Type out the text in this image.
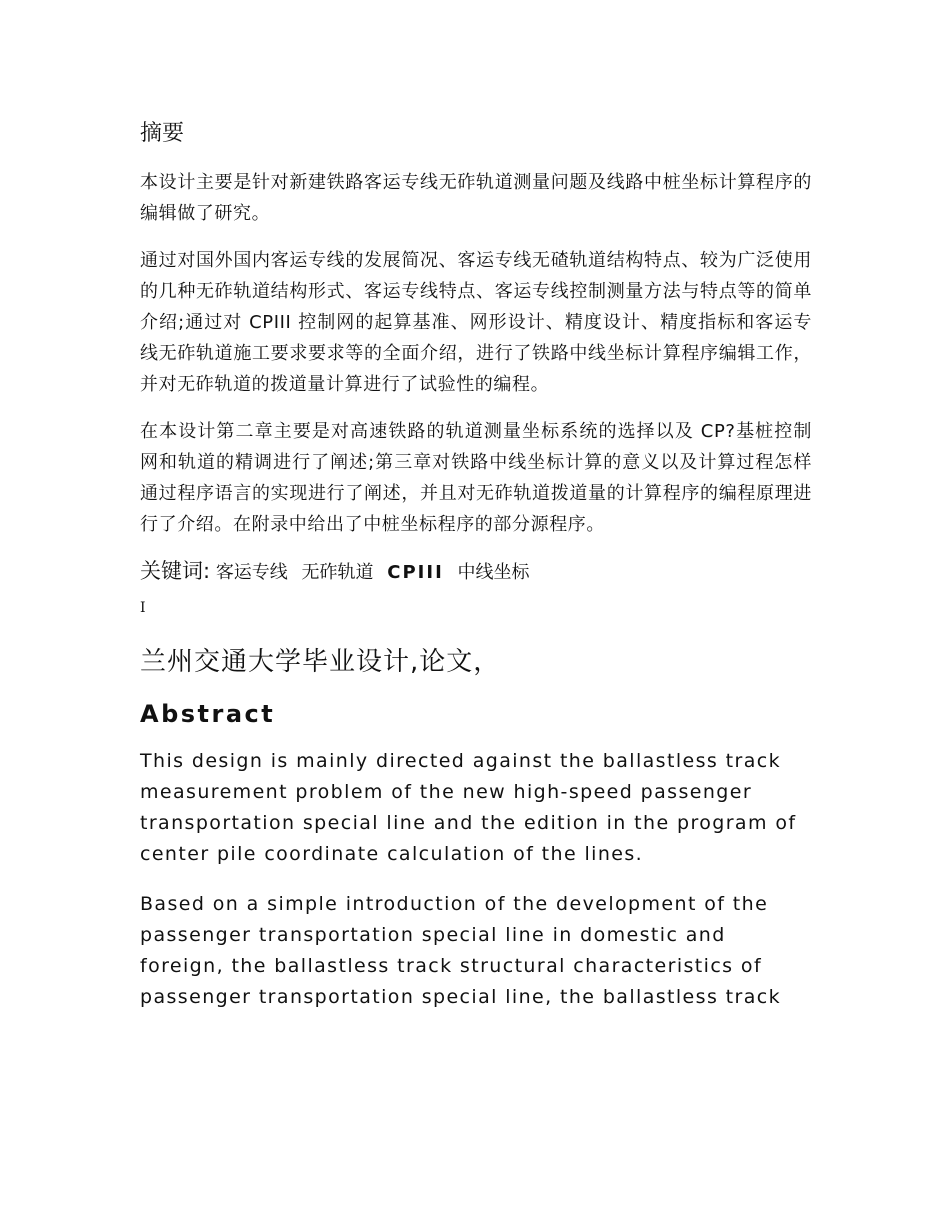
摘要

本设计主要是针对新建铁路客运专线无砟轨道测量问题及线路中桩坐标计算程序的编辑做了研究。

通过对国外国内客运专线的发展简况、客运专线无碴轨道结构特点、较为广泛使用的几种无砟轨道结构形式、客运专线特点、客运专线控制测量方法与特点等的简单介绍;通过对 CPIII 控制网的起算基准、网形设计、精度设计、精度指标和客运专线无砟轨道施工要求要求等的全面介绍，进行了铁路中线坐标计算程序编辑工作，并对无砟轨道的拨道量计算进行了试验性的编程。

在本设计第二章主要是对高速铁路的轨道测量坐标系统的选择以及 CP?基桩控制网和轨道的精调进行了阐述;第三章对铁路中线坐标计算的意义以及计算过程怎样通过程序语言的实现进行了阐述，并且对无砟轨道拨道量的计算程序的编程原理进行了介绍。在附录中给出了中桩坐标程序的部分源程序。

关键词: 客运专线 无砟轨道 CPIII 中线坐标
I
兰州交通大学毕业设计,论文，
Abstract

This design is mainly directed against the ballastless track measurement problem of the new high-speed passenger transportation special line and the edition in the program of center pile coordinate calculation of the lines.

Based on a simple introduction of the development of the passenger transportation special line in domestic and foreign, the ballastless track structural characteristics of passenger transportation special line, the ballastless track
